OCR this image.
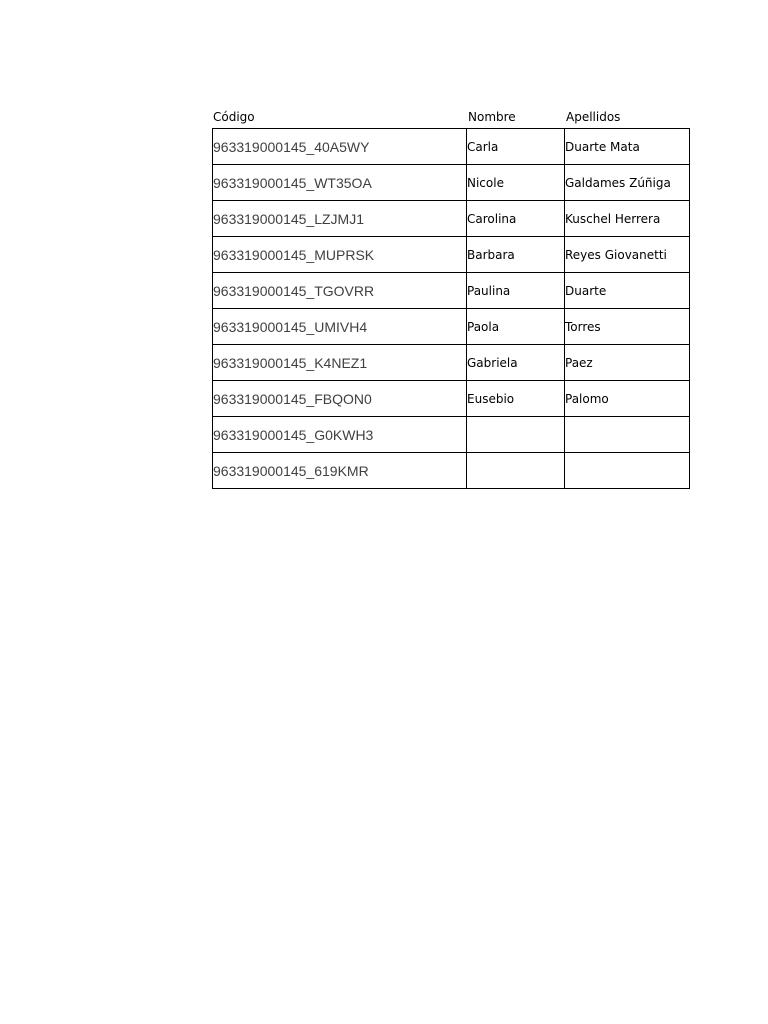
Código	Nombre	Apellidos
963319000145_40A5WY	Carla	Duarte Mata
963319000145_WT35OA	Nicole	Galdames Zúñiga
963319000145_LZJMJ1	Carolina	Kuschel Herrera
963319000145_MUPRSK	Barbara	Reyes Giovanetti
963319000145_TGOVRR	Paulina	Duarte
963319000145_UMIVH4	Paola	Torres
963319000145_K4NEZ1	Gabriela	Paez
963319000145_FBQON0	Eusebio	Palomo
963319000145_G0KWH3		
963319000145_619KMR		
